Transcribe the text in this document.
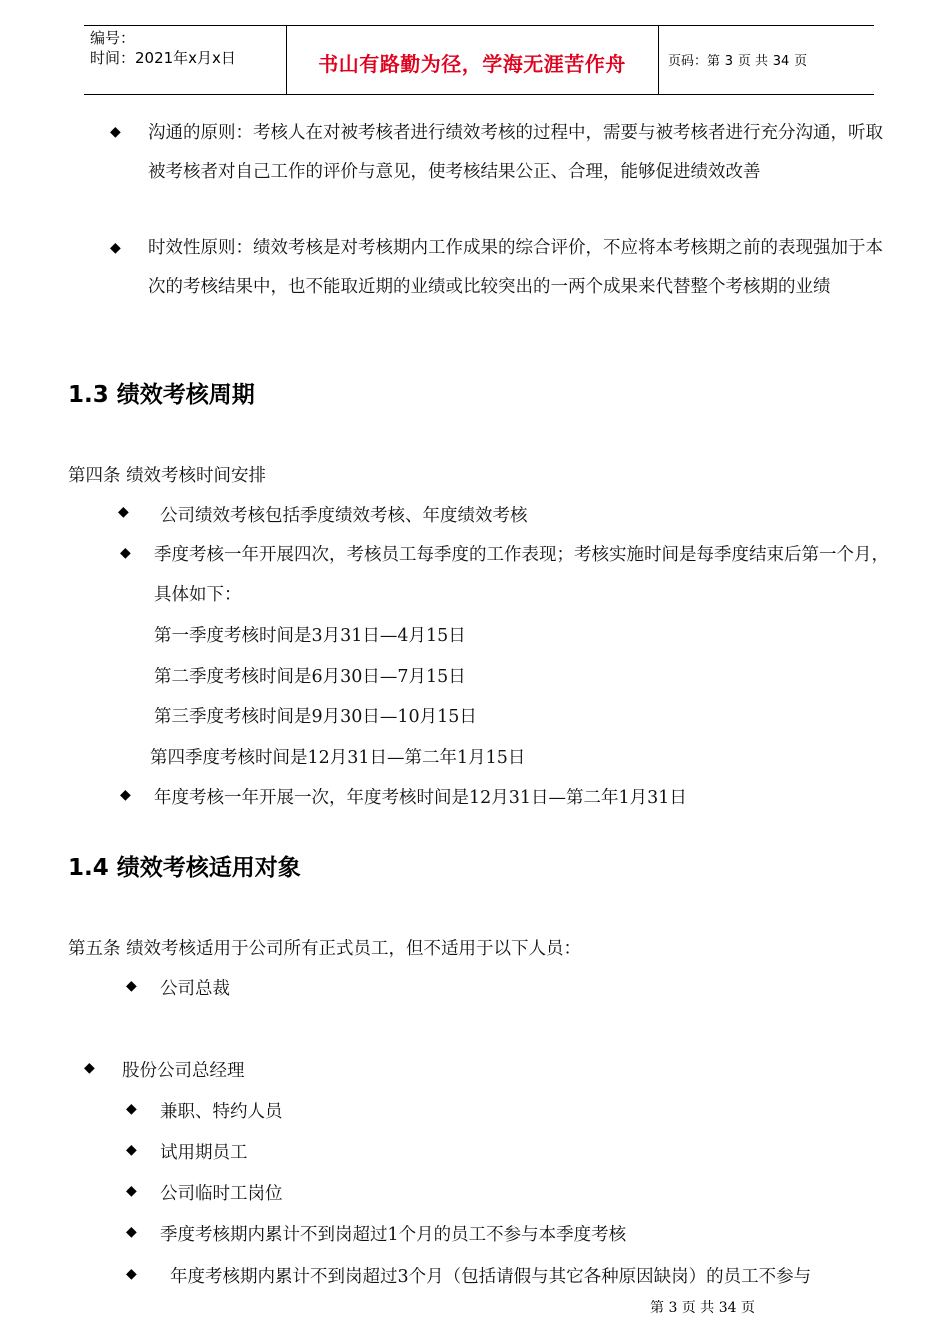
编号：
时间：2021年x月x日	书山有路勤为径，学海无涯苦作舟	页码：第 3 页 共 34 页
◆ 沟通的原则：考核人在对被考核者进行绩效考核的过程中，需要与被考核者进行充分沟通，听取被考核者对自己工作的评价与意见，使考核结果公正、合理，能够促进绩效改善
◆ 时效性原则：绩效考核是对考核期内工作成果的综合评价，不应将本考核期之前的表现强加于本次的考核结果中，也不能取近期的业绩或比较突出的一两个成果来代替整个考核期的业绩
1.3 绩效考核周期
第四条 绩效考核时间安排
◆ 公司绩效考核包括季度绩效考核、年度绩效考核
◆ 季度考核一年开展四次，考核员工每季度的工作表现；考核实施时间是每季度结束后第一个月，具体如下：
第一季度考核时间是3月31日—4月15日
第二季度考核时间是6月30日—7月15日
第三季度考核时间是9月30日—10月15日
第四季度考核时间是12月31日—第二年1月15日
◆ 年度考核一年开展一次，年度考核时间是12月31日—第二年1月31日
1.4 绩效考核适用对象
第五条 绩效考核适用于公司所有正式员工，但不适用于以下人员：
◆ 公司总裁
◆ 股份公司总经理
◆ 兼职、特约人员
◆ 试用期员工
◆ 公司临时工岗位
◆ 季度考核期内累计不到岗超过1个月的员工不参与本季度考核
◆ 年度考核期内累计不到岗超过3个月（包括请假与其它各种原因缺岗）的员工不参与
第 3 页 共 34 页
